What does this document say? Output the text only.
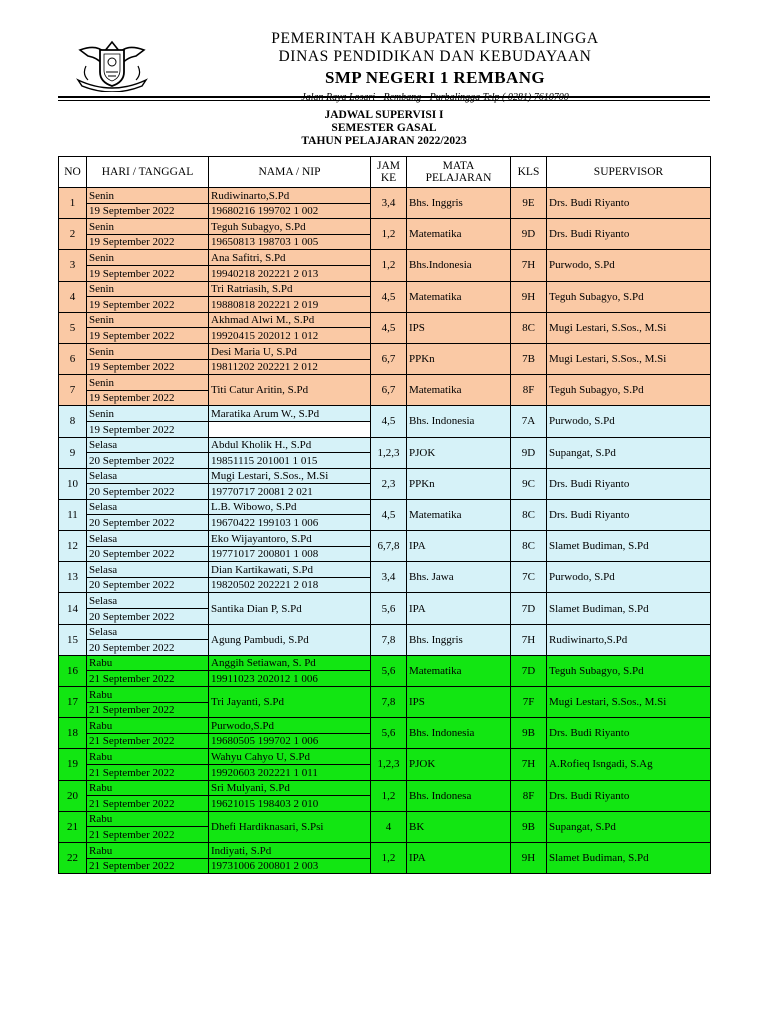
PEMERINTAH KABUPATEN PURBALINGGA
DINAS PENDIDIKAN DAN KEBUDAYAAN
SMP NEGERI 1 REMBANG
Jalan Raya Losari - Rembang - Purbalingga Telp ( 0281) 7610700
JADWAL SUPERVISI I
SEMESTER GASAL
TAHUN PELAJARAN 2022/2023
NO	HARI / TANGGAL	NAMA / NIP	JAM
KE	MATA
PELAJARAN	KLS	SUPERVISOR
1	Senin	Rudiwinarto,S.Pd	3,4	Bhs. Inggris	9E	Drs. Budi Riyanto
	19 September 2022	19680216 199702 1 002				
2	Senin	Teguh Subagyo, S.Pd	1,2	Matematika	9D	Drs. Budi Riyanto
	19 September 2022	19650813 198703 1 005				
3	Senin	Ana Safitri, S.Pd	1,2	Bhs.Indonesia	7H	Purwodo, S.Pd
	19 September 2022	19940218 202221 2 013				
4	Senin	Tri Ratriasih, S.Pd	4,5	Matematika	9H	Teguh Subagyo, S.Pd
	19 September 2022	19880818 202221 2 019				
5	Senin	Akhmad Alwi M., S.Pd	4,5	IPS	8C	Mugi Lestari, S.Sos., M.Si
	19 September 2022	19920415 202012 1 012				
6	Senin	Desi Maria U, S.Pd	6,7	PPKn	7B	Mugi Lestari, S.Sos., M.Si
	19 September 2022	19811202 202221 2 012				
7	Senin	Titi Catur Aritin, S.Pd	6,7	Matematika	8F	Teguh Subagyo, S.Pd
	19 September 2022					
8	Senin	Maratika Arum W., S.Pd	4,5	Bhs. Indonesia	7A	Purwodo, S.Pd
	19 September 2022					
9	Selasa	Abdul Kholik H., S.Pd	1,2,3	PJOK	9D	Supangat, S.Pd
	20 September 2022	19851115 201001 1 015				
10	Selasa	Mugi Lestari, S.Sos., M.Si	2,3	PPKn	9C	Drs. Budi Riyanto
	20 September 2022	19770717 20081 2 021				
11	Selasa	L.B. Wibowo, S.Pd	4,5	Matematika	8C	Drs. Budi Riyanto
	20 September 2022	19670422 199103 1 006				
12	Selasa	Eko Wijayantoro, S.Pd	6,7,8	IPA	8C	Slamet Budiman, S.Pd
	20 September 2022	19771017 200801 1 008				
13	Selasa	Dian Kartikawati, S.Pd	3,4	Bhs. Jawa	7C	Purwodo, S.Pd
	20 September 2022	19820502 202221 2 018				
14	Selasa	Santika Dian P, S.Pd	5,6	IPA	7D	Slamet Budiman, S.Pd
	20 September 2022					
15	Selasa	Agung Pambudi, S.Pd	7,8	Bhs. Inggris	7H	Rudiwinarto,S.Pd
	20 September 2022					
16	Rabu	Anggih Setiawan, S. Pd	5,6	Matematika	7D	Teguh Subagyo, S.Pd
	21 September 2022	19911023 202012 1 006				
17	Rabu	Tri Jayanti, S.Pd	7,8	IPS	7F	Mugi Lestari, S.Sos., M.Si
	21 September 2022					
18	Rabu	Purwodo,S.Pd	5,6	Bhs. Indonesia	9B	Drs. Budi Riyanto
	21 September 2022	19680505 199702 1 006				
19	Rabu	Wahyu Cahyo U, S.Pd	1,2,3	PJOK	7H	A.Rofieq Isngadi, S.Ag
	21 September 2022	19920603 202221 1 011				
20	Rabu	Sri Mulyani, S.Pd	1,2	Bhs. Indonesa	8F	Drs. Budi Riyanto
	21 September 2022	19621015 198403 2 010				
21	Rabu	Dhefi Hardiknasari, S.Psi	4	BK	9B	Supangat, S.Pd
	21 September 2022					
22	Rabu	Indiyati, S.Pd	1,2	IPA	9H	Slamet Budiman, S.Pd
	21 September 2022	19731006 200801 2 003				
